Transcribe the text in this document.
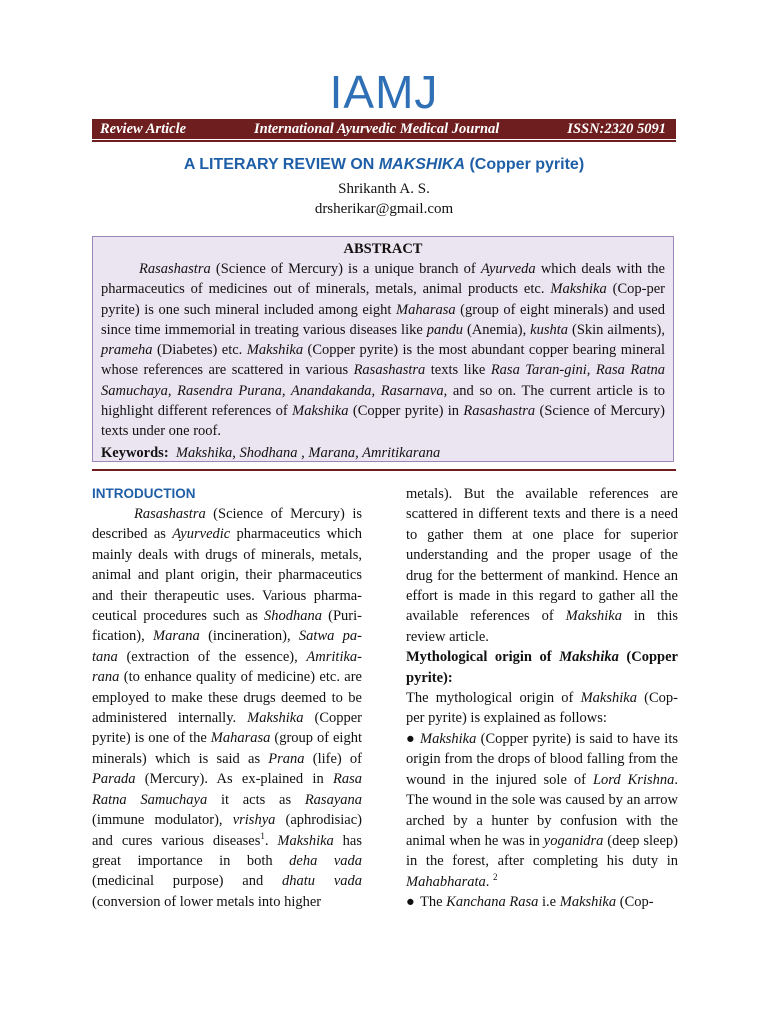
IAMJ
Review Article	International Ayurvedic Medical Journal	ISSN:2320 5091
A LITERARY REVIEW ON MAKSHIKA (Copper pyrite)
Shrikanth A. S.
drsherikar@gmail.com
ABSTRACT

Rasashastra (Science of Mercury) is a unique branch of Ayurveda which deals with the pharmaceutics of medicines out of minerals, metals, animal products etc. Makshika (Cop-per pyrite) is one such mineral included among eight Maharasa (group of eight minerals) and used since time immemorial in treating various diseases like pandu (Anemia), kushta (Skin ailments), prameha (Diabetes) etc. Makshika (Copper pyrite) is the most abundant copper bearing mineral whose references are scattered in various Rasashastra texts like Rasa Taran-gini, Rasa Ratna Samuchaya, Rasendra Purana, Anandakanda, Rasarnava, and so on. The current article is to highlight different references of Makshika (Copper pyrite) in Rasashastra (Science of Mercury) texts under one roof.

Keywords: Makshika, Shodhana , Marana, Amritikarana

INTRODUCTION

Rasashastra (Science of Mercury) is described as Ayurvedic pharmaceutics which mainly deals with drugs of minerals, metals, animal and plant origin, their pharmaceutics and their therapeutic uses. Various pharma-ceutical procedures such as Shodhana (Puri-fication), Marana (incineration), Satwa pa-tana (extraction of the essence), Amritika-rana (to enhance quality of medicine) etc. are employed to make these drugs deemed to be administered internally. Makshika (Copper pyrite) is one of the Maharasa (group of eight minerals) which is said as Prana (life) of Parada (Mercury). As ex-plained in Rasa Ratna Samuchaya it acts as Rasayana (immune modulator), vrishya (aphrodisiac) and cures various diseases$^1$. Makshika has great importance in both deha vada (medicinal purpose) and dhatu vada (conversion of lower metals into higher

metals). But the available references are scattered in different texts and there is a need to gather them at one place for superior understanding and the proper usage of the drug for the betterment of mankind. Hence an effort is made in this regard to gather all the available references of Makshika in this review article.

Mythological origin of Makshika (Copper pyrite):

The mythological origin of Makshika (Cop-per pyrite) is explained as follows:

● Makshika (Copper pyrite) is said to have its origin from the drops of blood falling from the wound in the injured sole of Lord Krishna. The wound in the sole was caused by an arrow arched by a hunter by confusion with the animal when he was in yoganidra (deep sleep) in the forest, after completing his duty in Mahabharata. $^2$

● The Kanchana Rasa i.e Makshika (Cop-
